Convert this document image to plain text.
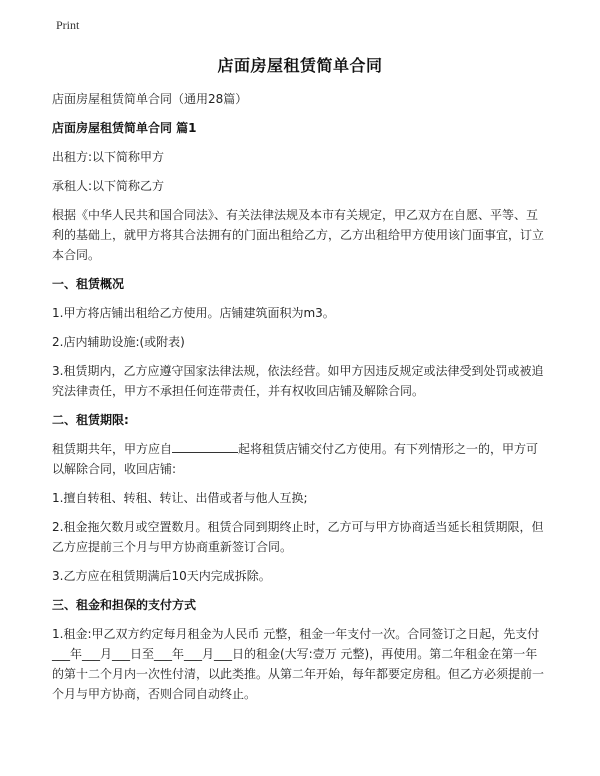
Print
店面房屋租赁简单合同

店面房屋租赁简单合同（通用28篇）

店面房屋租赁简单合同 篇1

出租方:以下简称甲方

承租人:以下简称乙方

根据《中华人民共和国合同法》、有关法律法规及本市有关规定，甲乙双方在自愿、平等、互利的基础上，就甲方将其合法拥有的门面出租给乙方，乙方出租给甲方使用该门面事宜，订立本合同。

一、租赁概况

1.甲方将店铺出租给乙方使用。店铺建筑面积为m3。

2.店内辅助设施:(或附表)

3.租赁期内，乙方应遵守国家法律法规，依法经营。如甲方因违反规定或法律受到处罚或被追究法律责任，甲方不承担任何连带责任，并有权收回店铺及解除合同。

二、租赁期限:

租赁期共年，甲方应自	起将租赁店铺交付乙方使用。有下列情形之一的，甲方可以解除合同，收回店铺:

1.擅自转租、转租、转让、出借或者与他人互换;

2.租金拖欠数月或空置数月。租赁合同到期终止时，乙方可与甲方协商适当延长租赁期限，但乙方应提前三个月与甲方协商重新签订合同。

3.乙方应在租赁期满后10天内完成拆除。

三、租金和担保的支付方式

1.租金:甲乙双方约定每月租金为人民币 元整，租金一年支付一次。合同签订之日起，先支付___年___月___日至___年___月___日的租金(大写:壹万 元整)，再使用。第二年租金在第一年的第十二个月内一次性付清，以此类推。从第二年开始，每年都要定房租。但乙方必须提前一个月与甲方协商，否则合同自动终止。
